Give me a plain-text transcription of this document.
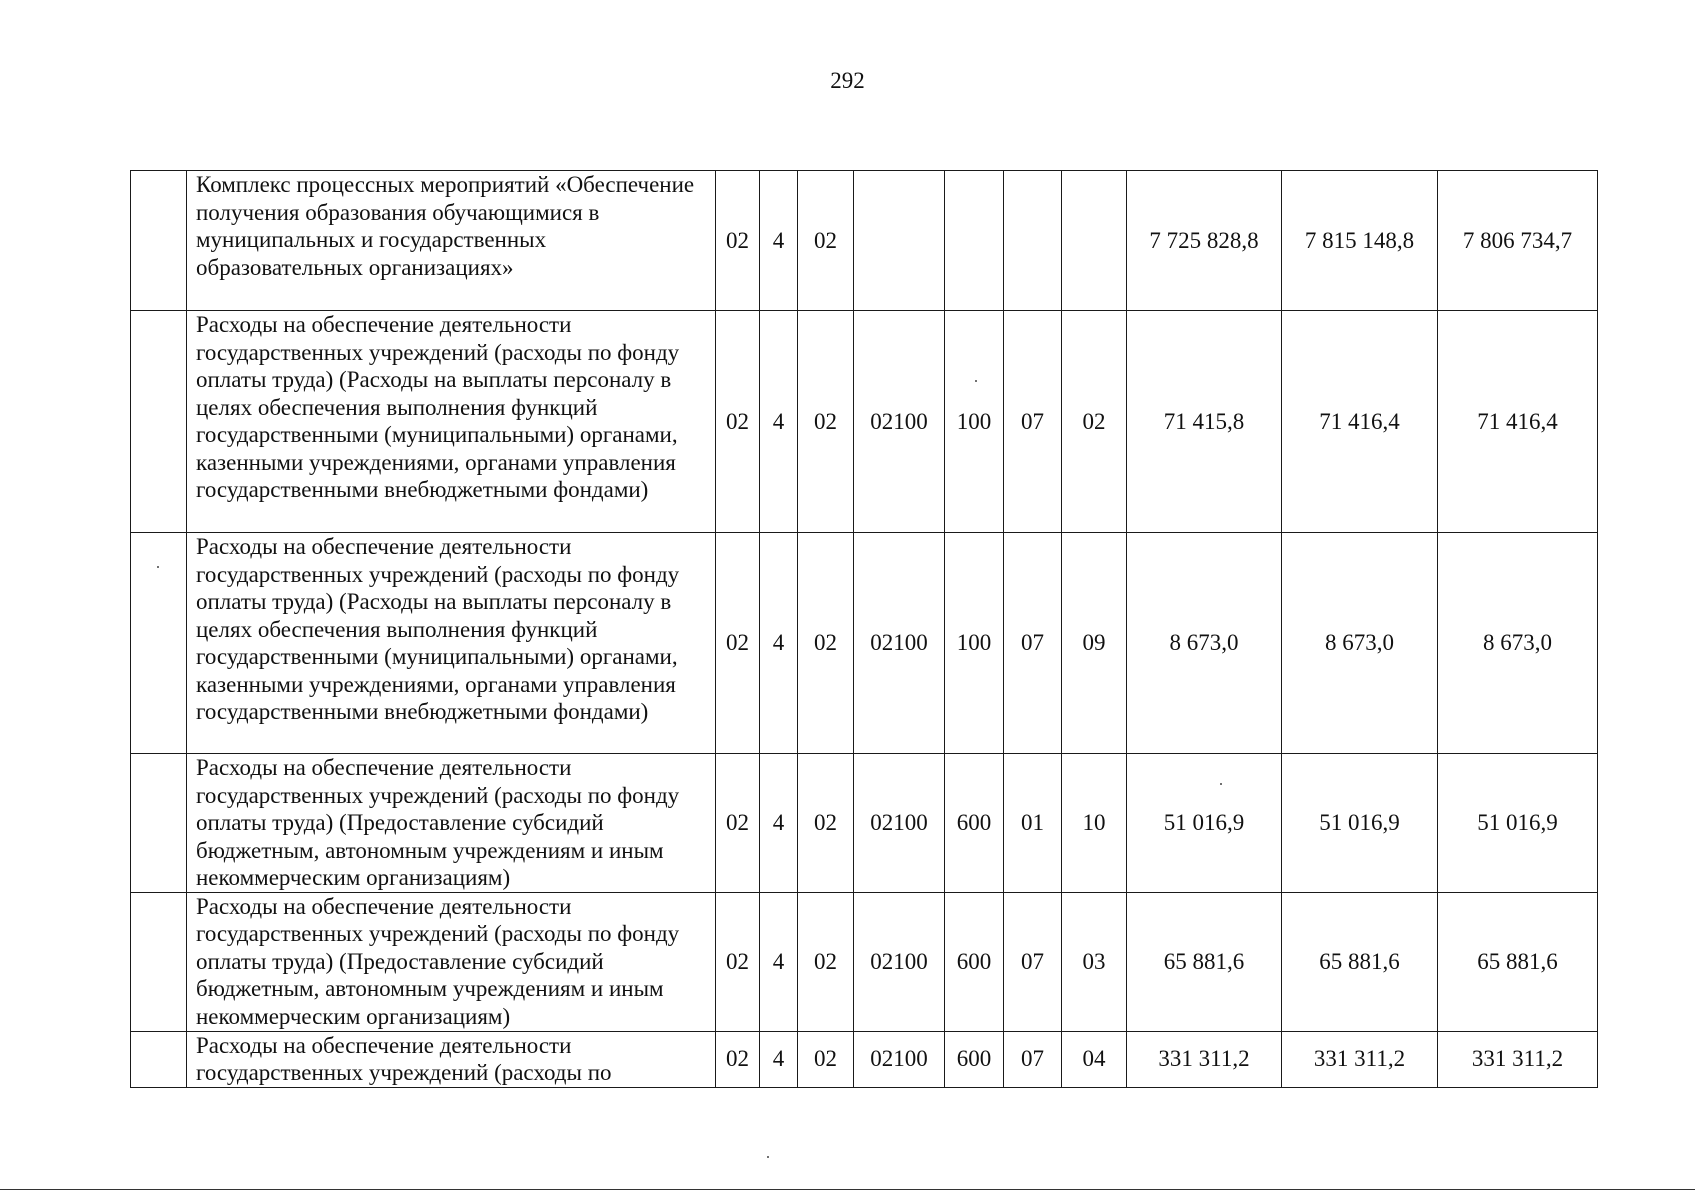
292
	Комплекс процессных мероприятий «Обеспечение получения образования обучающимися в муниципальных и государственных образовательных организациях»	02	4	02					7 725 828,8	7 815 148,8	7 806 734,7
	Расходы на обеспечение деятельности государственных учреждений (расходы по фонду оплаты труда) (Расходы на выплаты персоналу в целях обеспечения выполнения функций государственными (муниципальными) органами, казенными учреждениями, органами управления государственными внебюджетными фондами)	02	4	02	02100	100	07	02	71 415,8	71 416,4	71 416,4
	Расходы на обеспечение деятельности государственных учреждений (расходы по фонду оплаты труда) (Расходы на выплаты персоналу в целях обеспечения выполнения функций государственными (муниципальными) органами, казенными учреждениями, органами управления государственными внебюджетными фондами)	02	4	02	02100	100	07	09	8 673,0	8 673,0	8 673,0
	Расходы на обеспечение деятельности государственных учреждений (расходы по фонду оплаты труда) (Предоставление субсидий бюджетным, автономным учреждениям и иным некоммерческим организациям)	02	4	02	02100	600	01	10	51 016,9	51 016,9	51 016,9
	Расходы на обеспечение деятельности государственных учреждений (расходы по фонду оплаты труда) (Предоставление субсидий бюджетным, автономным учреждениям и иным некоммерческим организациям)	02	4	02	02100	600	07	03	65 881,6	65 881,6	65 881,6
	Расходы на обеспечение деятельности государственных учреждений (расходы по	02	4	02	02100	600	07	04	331 311,2	331 311,2	331 311,2
